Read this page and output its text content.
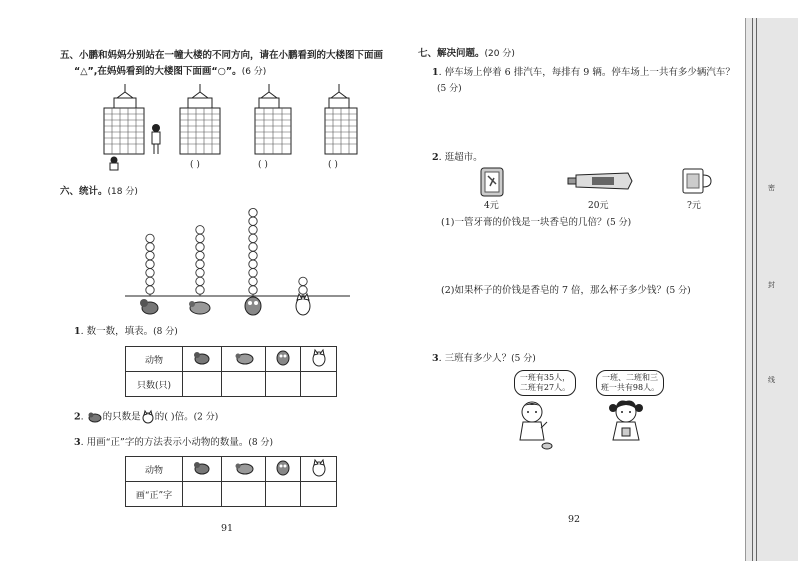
五、小鹏和妈妈分别站在一幢大楼的不同方向，请在小鹏看到的大楼图下面画
“△”,在妈妈看到的大楼图下面画“○”。(6 分)
( )	( )	( )
六、统计。(18 分)
1. 数一数，填表。(8 分)
动物				
只数(只)				
2. 的只数是 的( )倍。(2 分)
3. 用画“正”字的方法表示小动物的数量。(8 分)
动物				
画“正”字				
91
七、解决问题。(20 分)
1. 停车场上停着 6 排汽车，每排有 9 辆。停车场上一共有多少辆汽车？
(5 分)
2. 逛超市。
4元	20元	?元
(1)一管牙膏的价钱是一块香皂的几倍？(5 分)
(2)如果杯子的价钱是香皂的 7 倍，那么杯子多少钱？(5 分)
3. 三班有多少人？(5 分)
一班有35人，
二班有27人。
一班、二班和三
班一共有98人。
92
密
封
线
